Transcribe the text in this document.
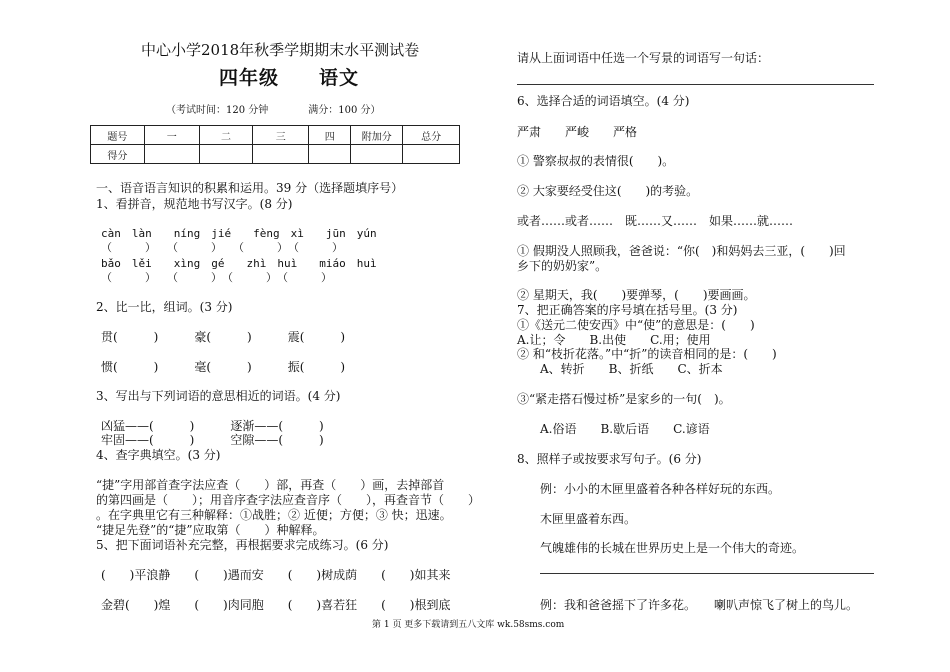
中心小学2018年秋季学期期末水平测试卷
四年级　　语文
（考试时间：120 分钟　　　　满分：100 分）
题号	一	二	三	四	附加分	总分
得分						
一、语音语言知识的积累和运用。39 分（选择题填序号）
1、看拼音，规范地书写汉字。(8 分)
càn　làn　　níng　jié　　fèng　xì　　jūn　yún
（　　　）　　（　　　）　　（　　　）　（　　　）
bǎo　lěi　　xìng　gé　　zhì　huì　　miáo　huì
（　　　）　　（　　　）　（　　　）　（　　　）
2、比一比，组词。(3 分)
贯(　　　)　　　豪(　　　)　　　震(　　　)
惯(　　　)　　　毫(　　　)　　　振(　　　)
3、写出与下列词语的意思相近的词语。(4 分)
凶猛——(　　　)　　　逐渐——(　　　)
牢固——(　　　)　　　空隙——(　　　)
4、查字典填空。(3 分)
“捷”字用部首查字法应查（　　）部，再查（　　）画，去掉部首
的第四画是（　　）；用音序查字法应查音序（　　），再查音节（　　）
。在字典里它有三种解释：①战胜；② 近便；方便；③ 快；迅速。
“捷足先登”的“捷”应取第（　　）种解释。
5、把下面词语补充完整，再根据要求完成练习。(6 分)
(　　)平浪静　　(　　)遇而安　　(　　)树成荫　　(　　)如其来
金碧(　　)煌　　(　　)肉同胞　　(　　)喜若狂　　(　　)根到底
请从上面词语中任选一个写景的词语写一句话：
6、选择合适的词语填空。(4 分)
严肃　　严峻　　严格
① 警察叔叔的表情很(　　)。
② 大家要经受住这(　　)的考验。
或者……或者……　既……又……　如果……就……
① 假期没人照顾我，爸爸说：“你(　)和妈妈去三亚，(　　)回
乡下的奶奶家”。
② 星期天，我(　　)要弹琴，(　　)要画画。
7、把正确答案的序号填在括号里。(3 分)
①《送元二使安西》中“使”的意思是：(　　)
A.让；令　　B.出使　　C.用；使用
② 和“枝折花落。”中“折”的读音相同的是：(　　)
A、转折　　B、折纸　　C、折本
③“紧走搭石慢过桥”是家乡的一句(　)。
A.俗语　　B.歇后语　　C.谚语
8、照样子或按要求写句子。(6 分)
例：小小的木匣里盛着各种各样好玩的东西。
木匣里盛着东西。
气魄雄伟的长城在世界历史上是一个伟大的奇迹。
例：我和爸爸摇下了许多花。　　喇叭声惊飞了树上的鸟儿。
第 1 页 更多下载请到五八文库 wk.58sms.com
